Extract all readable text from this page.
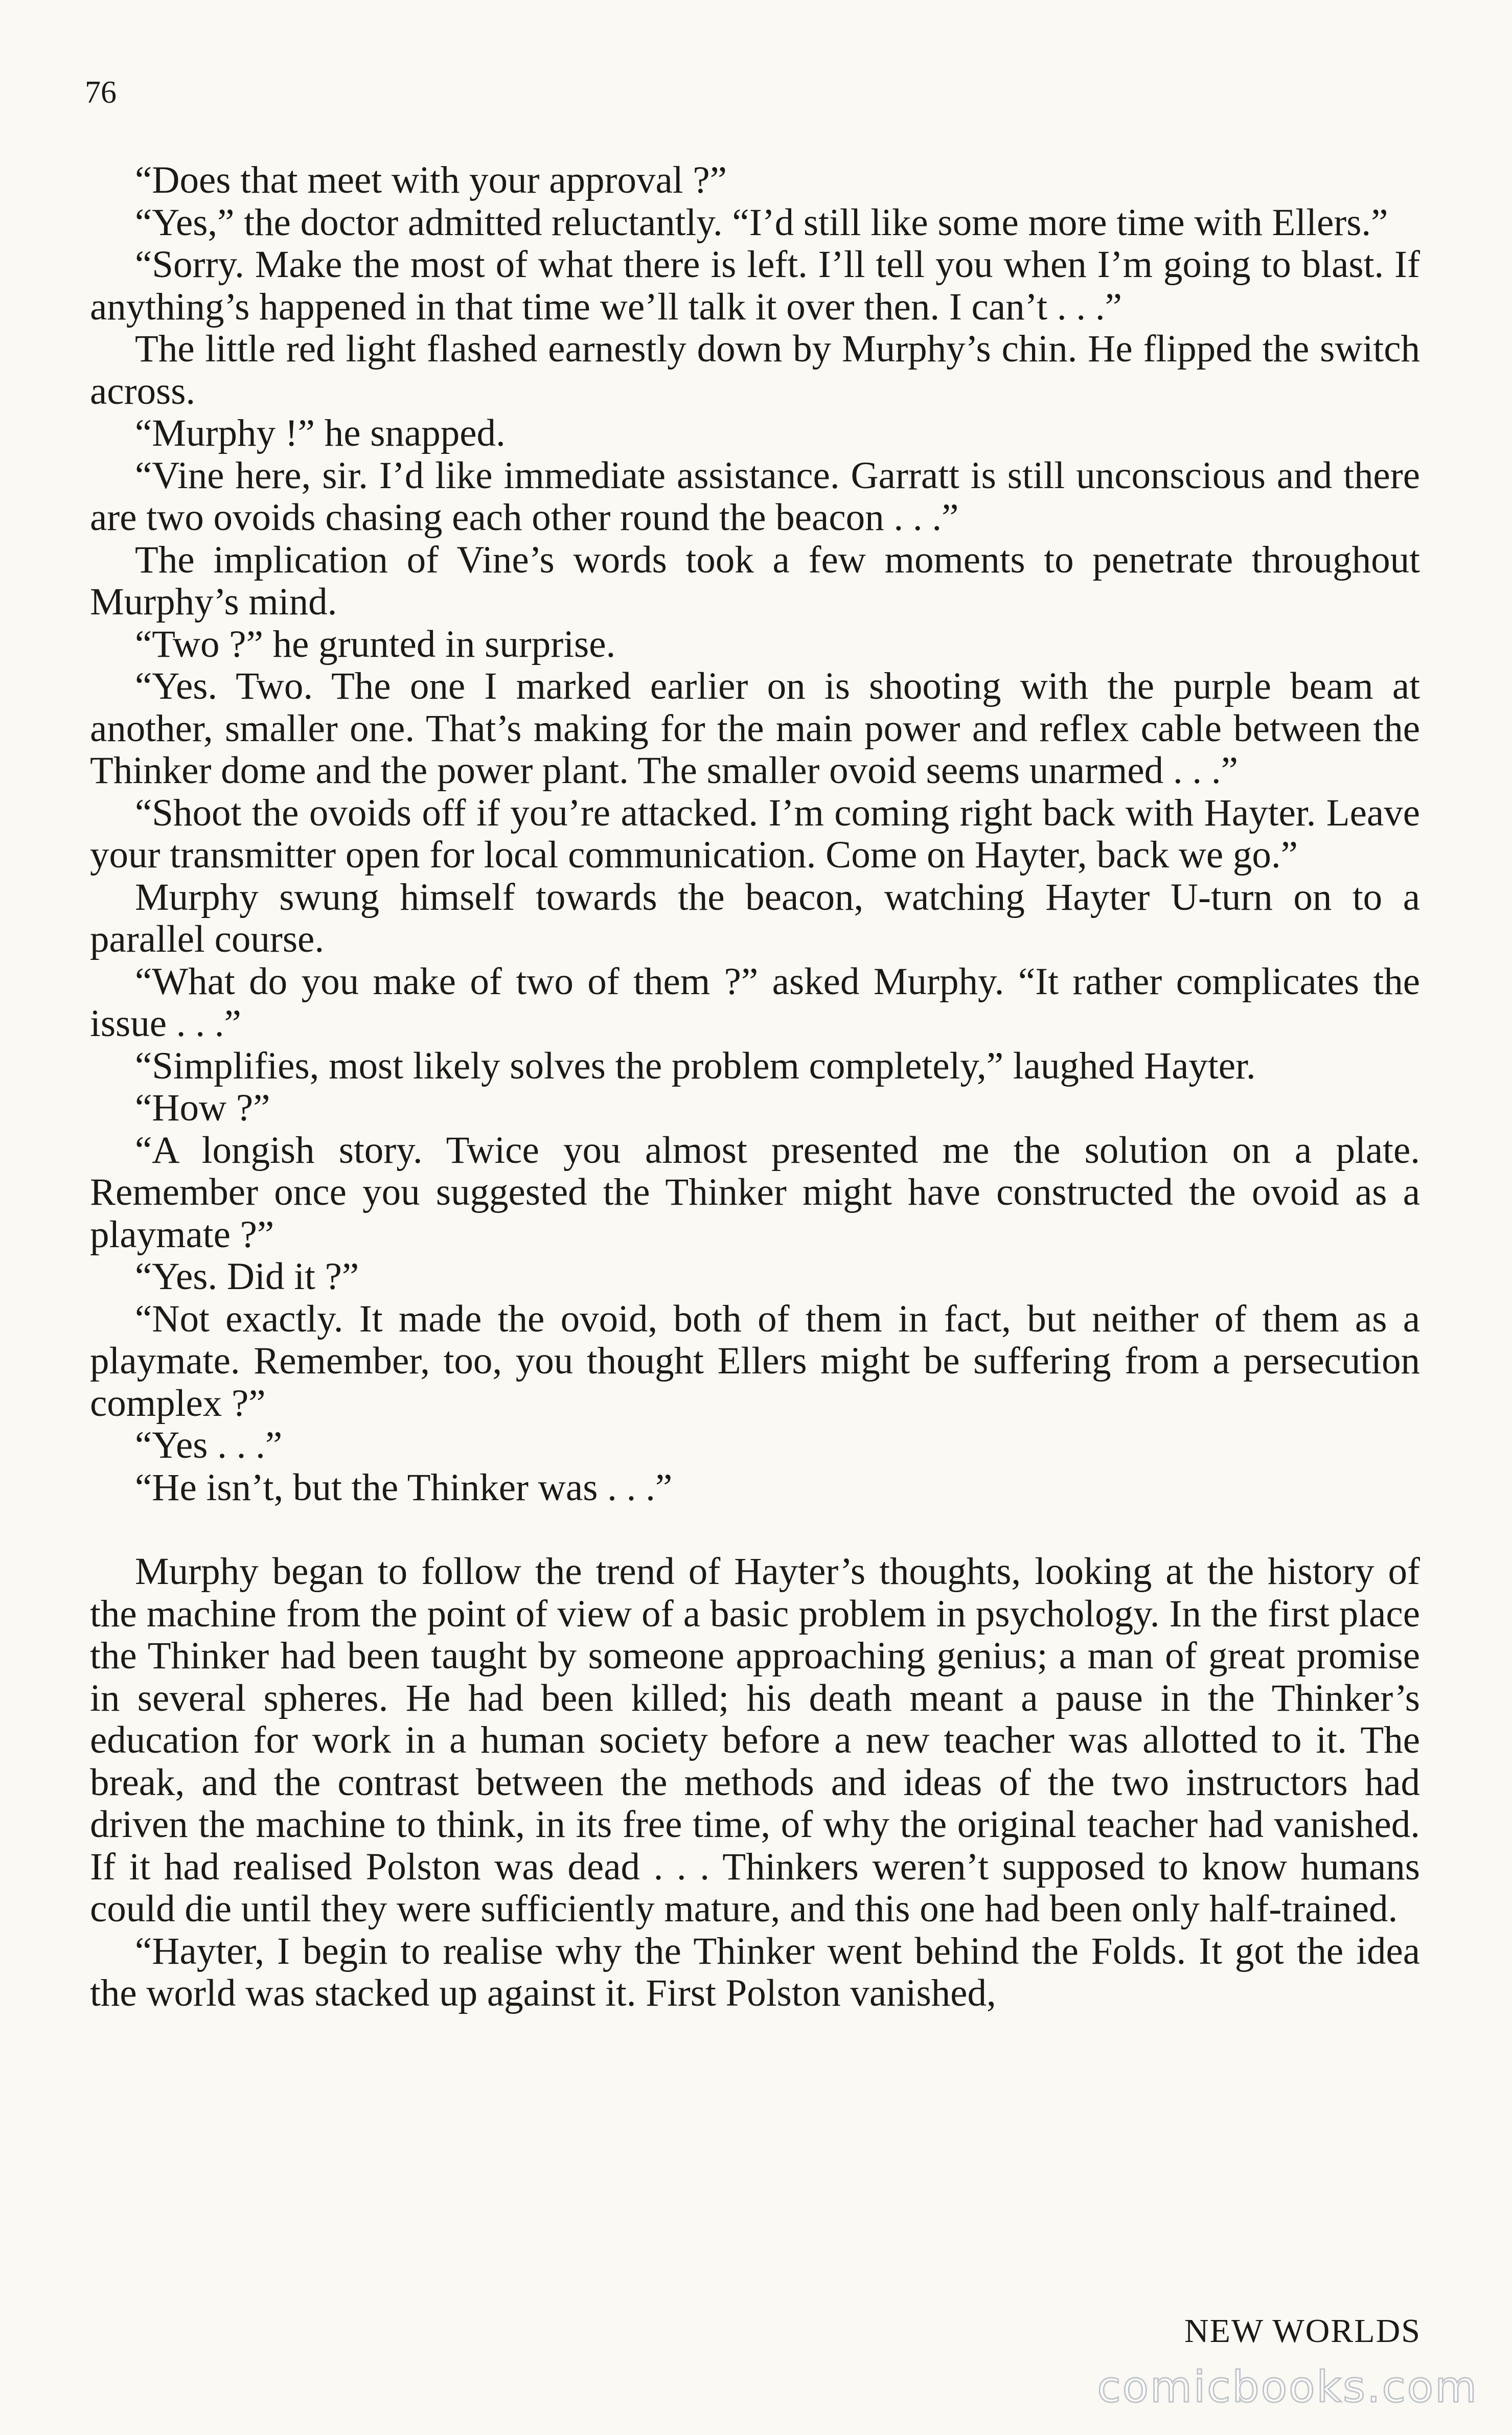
76

“Does that meet with your approval ?”

“Yes,” the doctor admitted reluctantly. “I’d still like some more time with Ellers.”

“Sorry. Make the most of what there is left. I’ll tell you when I’m going to blast. If anything’s happened in that time we’ll talk it over then. I can’t . . .”

The little red light flashed earnestly down by Murphy’s chin. He flipped the switch across.

“Murphy !” he snapped.

“Vine here, sir. I’d like immediate assistance. Garratt is still unconscious and there are two ovoids chasing each other round the beacon . . .”

The implication of Vine’s words took a few moments to penetrate throughout Murphy’s mind.

“Two ?” he grunted in surprise.

“Yes. Two. The one I marked earlier on is shooting with the purple beam at another, smaller one. That’s making for the main power and reflex cable between the Thinker dome and the power plant. The smaller ovoid seems unarmed . . .”

“Shoot the ovoids off if you’re attacked. I’m coming right back with Hayter. Leave your transmitter open for local communication. Come on Hayter, back we go.”

Murphy swung himself towards the beacon, watching Hayter U-turn on to a parallel course.

“What do you make of two of them ?” asked Murphy. “It rather complicates the issue . . .”

“Simplifies, most likely solves the problem completely,” laughed Hayter.

“How ?”

“A longish story. Twice you almost presented me the solution on a plate. Remember once you suggested the Thinker might have constructed the ovoid as a playmate ?”

“Yes. Did it ?”

“Not exactly. It made the ovoid, both of them in fact, but neither of them as a playmate. Remember, too, you thought Ellers might be suffering from a persecution complex ?”

“Yes . . .”

“He isn’t, but the Thinker was . . .”

Murphy began to follow the trend of Hayter’s thoughts, looking at the history of the machine from the point of view of a basic problem in psychology. In the first place the Thinker had been taught by someone approaching genius; a man of great promise in several spheres. He had been killed; his death meant a pause in the Thinker’s education for work in a human society before a new teacher was allotted to it. The break, and the contrast between the methods and ideas of the two instructors had driven the machine to think, in its free time, of why the original teacher had vanished. If it had realised Polston was dead . . . Thinkers weren’t supposed to know humans could die until they were sufficiently mature, and this one had been only half-trained.

“Hayter, I begin to realise why the Thinker went behind the Folds. It got the idea the world was stacked up against it. First Polston vanished,

NEW WORLDS
comicbooks.com
